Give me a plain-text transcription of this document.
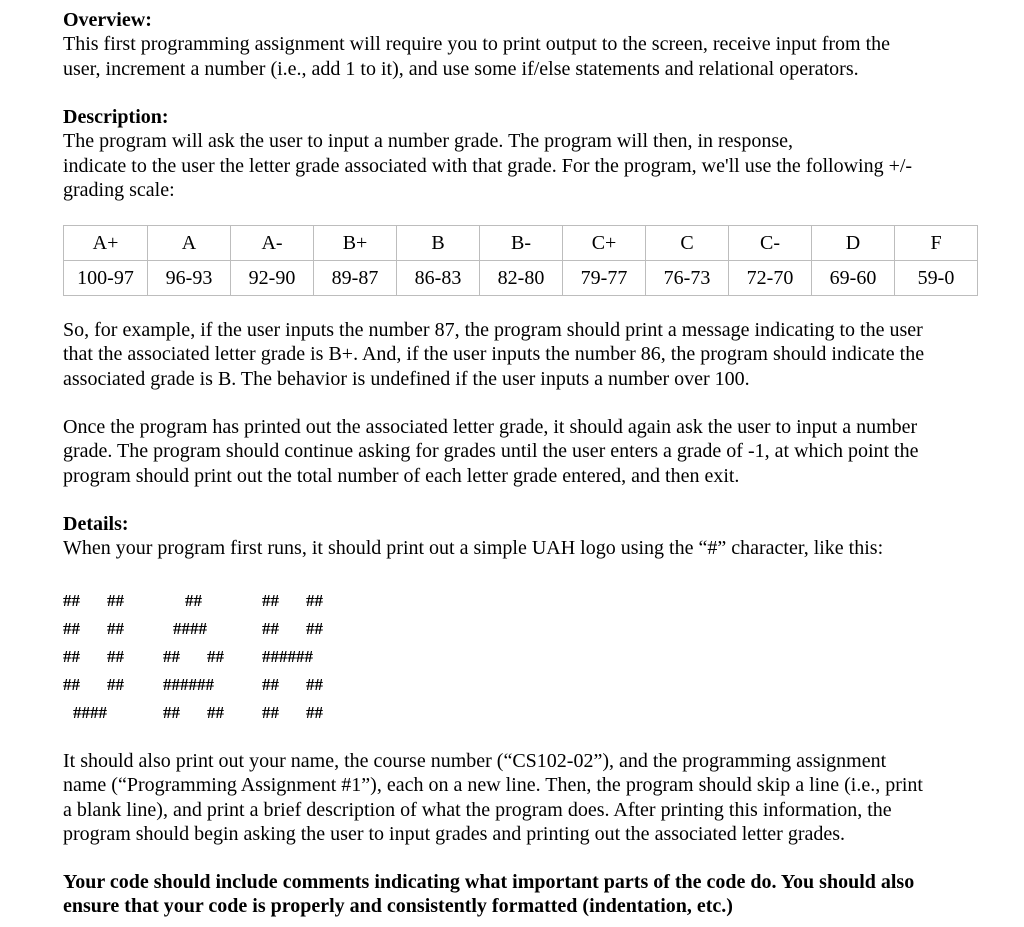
Overview:
This first programming assignment will require you to print output to the screen, receive input from the
user, increment a number (i.e., add 1 to it), and use some if/else statements and relational operators.
Description:
The program will ask the user to input a number grade. The program will then, in response,
indicate to the user the letter grade associated with that grade. For the program, we'll use the following +/-
grading scale:
A+	A	A-	B+	B	B-	C+	C	C-	D	F
100-97	96-93	92-90	89-87	86-83	82-80	79-77	76-73	72-70	69-60	59-0
So, for example, if the user inputs the number 87, the program should print a message indicating to the user
that the associated letter grade is B+. And, if the user inputs the number 86, the program should indicate the
associated grade is B. The behavior is undefined if the user inputs a number over 100.
Once the program has printed out the associated letter grade, it should again ask the user to input a number
grade. The program should continue asking for grades until the user enters a grade of -1, at which point the
program should print out the total number of each letter grade entered, and then exit.
Details:
When your program first runs, it should print out a simple UAH logo using the “#” character, like this:
## ##	##	## ##
## ##	####	## ##
## ## ## ## ######
## ## ######	## ##
####	## ## ## ##
It should also print out your name, the course number (“CS102-02”), and the programming assignment
name (“Programming Assignment #1”), each on a new line. Then, the program should skip a line (i.e., print
a blank line), and print a brief description of what the program does. After printing this information, the
program should begin asking the user to input grades and printing out the associated letter grades.
Your code should include comments indicating what important parts of the code do. You should also
ensure that your code is properly and consistently formatted (indentation, etc.)
